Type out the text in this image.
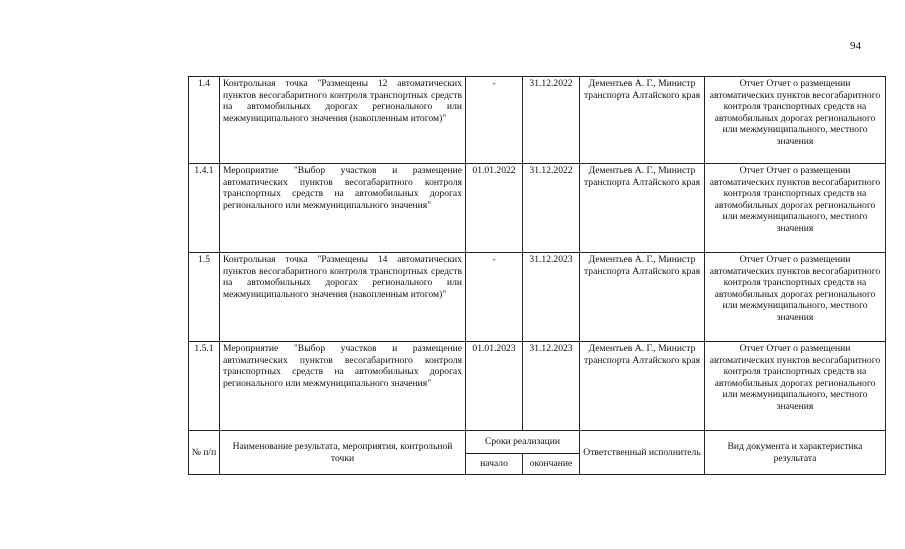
94
1.4	Контрольная точка "Размещены 12 автоматических пунктов весогабаритного контроля транспортных средств на автомобильных дорогах регионального или межмуниципального значения (накопленным итогом)"	-	31.12.2022	Дементьев А. Г., Министр транспорта Алтайского края	Отчет Отчет о размещении автоматических пунктов весогабаритного контроля транспортных средств на автомобильных дорогах регионального или межмуниципального, местного значения
1.4.1	Мероприятие "Выбор участков и размещение автоматических пунктов весогабаритного контроля транспортных средств на автомобильных дорогах регионального или межмуниципального значения"	01.01.2022	31.12.2022	Дементьев А. Г., Министр транспорта Алтайского края	Отчет Отчет о размещении автоматических пунктов весогабаритного контроля транспортных средств на автомобильных дорогах регионального или межмуниципального, местного значения
1.5	Контрольная точка "Размещены 14 автоматических пунктов весогабаритного контроля транспортных средств на автомобильных дорогах регионального или межмуниципального значения (накопленным итогом)"	-	31.12.2023	Дементьев А. Г., Министр транспорта Алтайского края	Отчет Отчет о размещении автоматических пунктов весогабаритного контроля транспортных средств на автомобильных дорогах регионального или межмуниципального, местного значения
1.5.1	Мероприятие "Выбор участков и размещение автоматических пунктов весогабаритного контроля транспортных средств на автомобильных дорогах регионального или межмуниципального значения"	01.01.2023	31.12.2023	Дементьев А. Г., Министр транспорта Алтайского края	Отчет Отчет о размещении автоматических пунктов весогабаритного контроля транспортных средств на автомобильных дорогах регионального или межмуниципального, местного значения
№ п/п	Наименование результата, мероприятия, контрольной точки	Сроки реализации		Ответственный исполнитель	Вид документа и характеристика результата
		начало	окончание		
